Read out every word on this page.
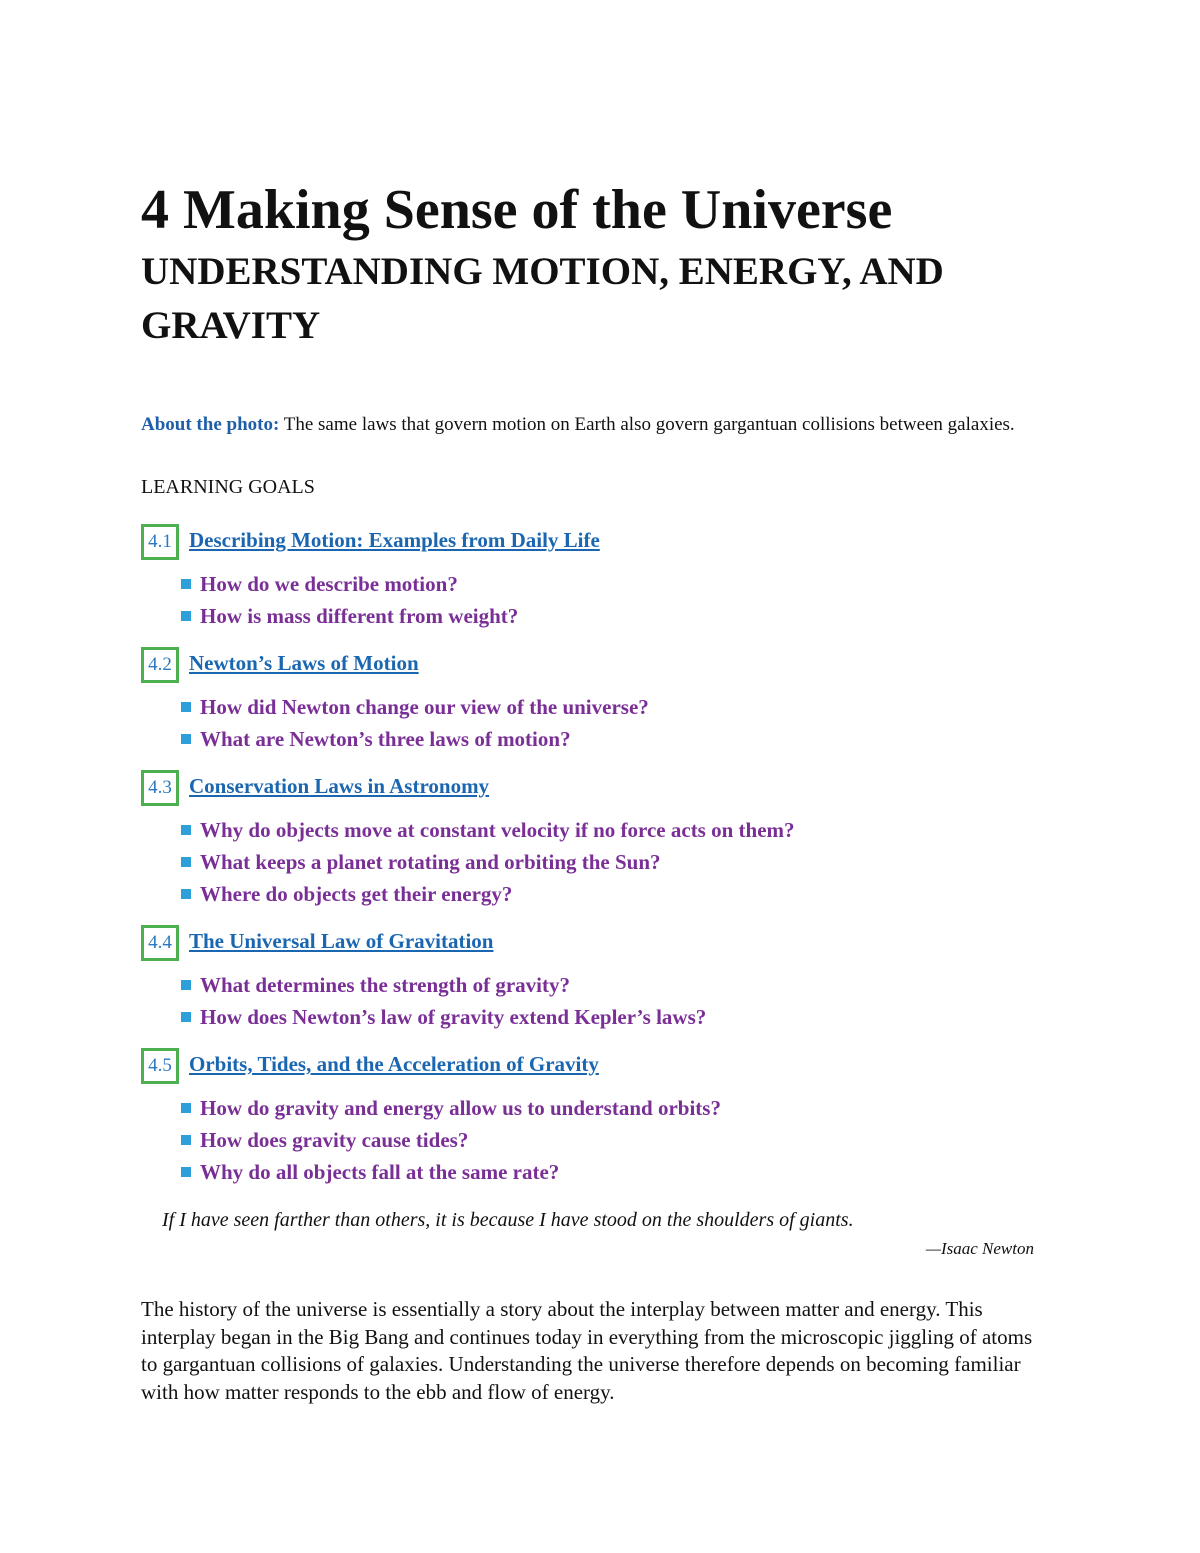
4 Making Sense of the Universe
UNDERSTANDING MOTION, ENERGY, AND GRAVITY

About the photo: The same laws that govern motion on Earth also govern gargantuan collisions between galaxies.

LEARNING GOALS

4.1 Describing Motion: Examples from Daily Life
How do we describe motion?
How is mass different from weight?
4.2 Newton’s Laws of Motion
How did Newton change our view of the universe?
What are Newton’s three laws of motion?
4.3 Conservation Laws in Astronomy
Why do objects move at constant velocity if no force acts on them?
What keeps a planet rotating and orbiting the Sun?
Where do objects get their energy?
4.4 The Universal Law of Gravitation
What determines the strength of gravity?
How does Newton’s law of gravity extend Kepler’s laws?
4.5 Orbits, Tides, and the Acceleration of Gravity
How do gravity and energy allow us to understand orbits?
How does gravity cause tides?
Why do all objects fall at the same rate?

If I have seen farther than others, it is because I have stood on the shoulders of giants.

—Isaac Newton

The history of the universe is essentially a story about the interplay between matter and energy. This interplay began in the Big Bang and continues today in everything from the microscopic jiggling of atoms to gargantuan collisions of galaxies. Understanding the universe therefore depends on becoming familiar with how matter responds to the ebb and flow of energy.
